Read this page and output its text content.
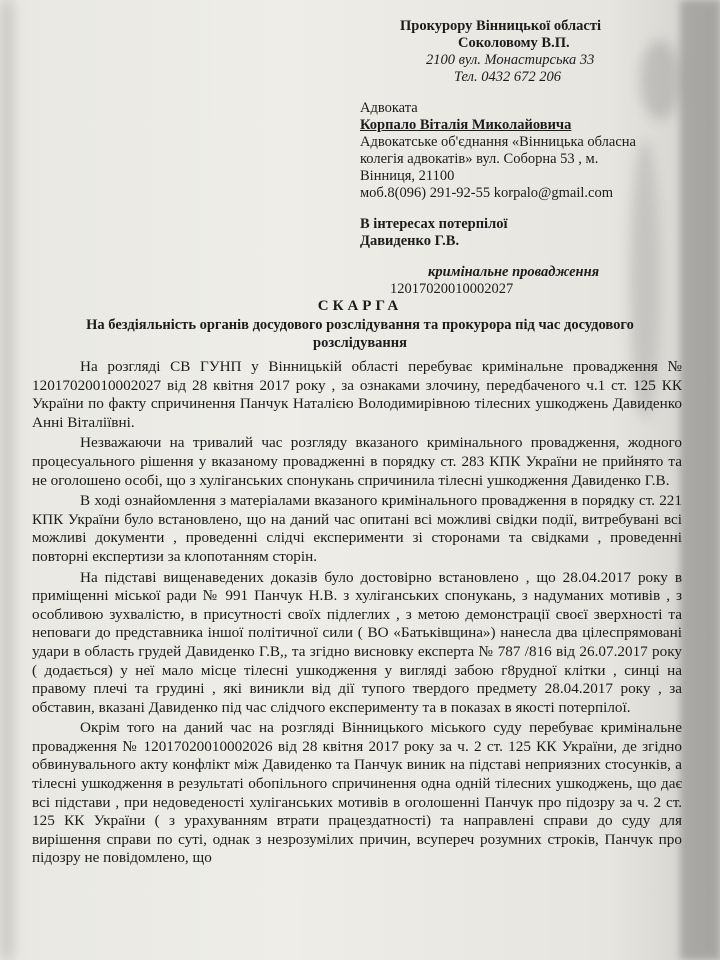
Прокурору Вінницької області
Соколовому В.П.
2100 вул. Монастирська 33
Тел. 0432 672 206
Адвоката
Корпало Віталія Миколайовича
Адвокатське об'єднання «Вінницька обласна
колегія адвокатів» вул. Соборна 53 , м.
Вінниця, 21100
моб.8(096) 291-92-55 korpalo@gmail.com
В інтересах потерпілої
Давиденко Г.В.
кримінальне провадження
12017020010002027
СКАРГА
На бездіяльність органів досудового розслідування та прокурора під час досудового розслідування

На розгляді СВ ГУНП у Вінницькій області перебуває кримінальне провадження № 12017020010002027 від 28 квітня 2017 року , за ознаками злочину, передбаченого ч.1 ст. 125 КК України по факту спричинення Панчук Наталією Володимирівною тілесних ушкоджень Давиденко Анні Віталіївні.

Незважаючи на тривалий час розгляду вказаного кримінального провадження, жодного процесуального рішення у вказаному провадженні в порядку ст. 283 КПК України не прийнято та не оголошено особі, що з хуліганських спонукань спричинила тілесні ушкодження Давиденко Г.В.

В ході ознайомлення з матеріалами вказаного кримінального провадження в порядку ст. 221 КПК України було встановлено, що на даний час опитані всі можливі свідки події, витребувані всі можливі документи , проведенні слідчі експерименти зі сторонами та свідками , проведенні повторні експертизи за клопотанням сторін.

На підставі вищенаведених доказів було достовірно встановлено , що 28.04.2017 року в приміщенні міської ради № 991 Панчук Н.В. з хуліганських спонукань, з надуманих мотивів , з особливою зухвалістю, в присутності своїх підлеглих , з метою демонстрації своєї зверхності та неповаги до представника іншої політичної сили ( ВО «Батьківщина») нанесла два цілеспрямовані удари в область грудей Давиденко Г.В,, та згідно висновку експерта № 787 /816 від 26.07.2017 року ( додається) у неї мало місце тілесні ушкодження у вигляді забою г8рудної клітки , синці на правому плечі та грудині , які виникли від дії тупого твердого предмету 28.04.2017 року , за обставин, вказані Давиденко під час слідчого експерименту та в показах в якості потерпілої.

Окрім того на даний час на розгляді Вінницького міського суду перебуває кримінальне провадження № 12017020010002026 від 28 квітня 2017 року за ч. 2 ст. 125 КК України, де згідно обвинувального акту конфлікт між Давиденко та Панчук виник на підставі неприязних стосунків, а тілесні ушкодження в результаті обопільного спричинення одна одній тілесних ушкоджень, що дає всі підстави , при недоведеності хуліганських мотивів в оголошенні Панчук про підозру за ч. 2 ст. 125 КК України ( з урахуванням втрати працездатності) та направлені справи до суду для вирішення справи по суті, однак з незрозумілих причин, всупереч розумних строків, Панчук про підозру не повідомлено, що
